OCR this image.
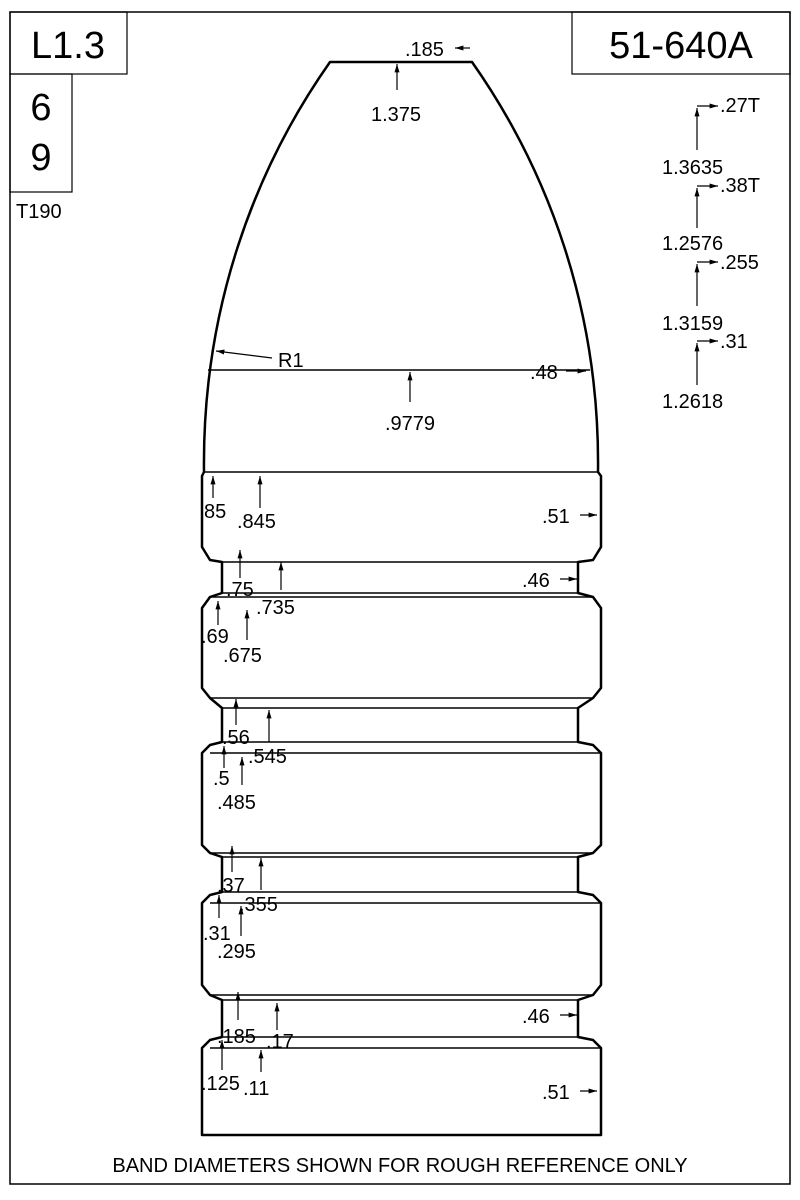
L1.3
6
9
T190
51-640A
.185
1.375
R1
.48
.9779
85 .845	.51
.75
.735
.46
.69
.675
.56
.545
.5
.485
.37
.355
.31
.295
.185 .17
.46
.125 .11	.51
.27T
1.3635
.38T
1.2576
.255
1.3159
.31
1.2618
BAND DIAMETERS SHOWN FOR ROUGH REFERENCE ONLY
